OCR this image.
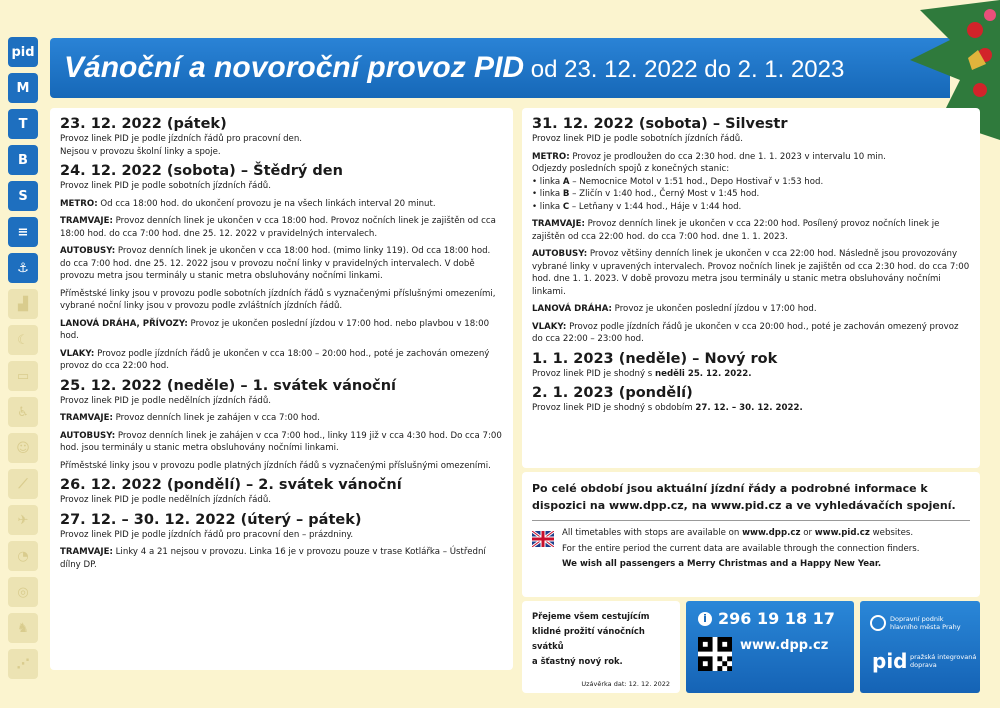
pid
M
T
B
S
≡
⚓
▟
☾
▭
♿
☺
⟋
✈
◔
◎
♞
⋰
Vánoční a novoroční provoz PID od 23. 12. 2022 do 2. 1. 2023
23. 12. 2022 (pátek)

Provoz linek PID je podle jízdních řádů pro pracovní den.
Nejsou v provozu školní linky a spoje.

24. 12. 2022 (sobota) – Štědrý den

Provoz linek PID je podle sobotních jízdních řádů.

METRO: Od cca 18:00 hod. do ukončení provozu je na všech linkách interval 20 minut.

TRAMVAJE: Provoz denních linek je ukončen v cca 18:00 hod. Provoz nočních linek je zajištěn od cca 18:00 hod. do cca 7:00 hod. dne 25. 12. 2022 v pravidelných intervalech.

AUTOBUSY: Provoz denních linek je ukončen v cca 18:00 hod. (mimo linky 119). Od cca 18:00 hod. do cca 7:00 hod. dne 25. 12. 2022 jsou v provozu noční linky v pravidelných intervalech. V době provozu metra jsou terminály u stanic metra obsluhovány nočními linkami.

Příměstské linky jsou v provozu podle sobotních jízdních řádů s vyznačenými příslušnými omezeními, vybrané noční linky jsou v provozu podle zvláštních jízdních řádů.

LANOVÁ DRÁHA, PŘÍVOZY: Provoz je ukončen poslední jízdou v 17:00 hod. nebo plavbou v 18:00 hod.

VLAKY: Provoz podle jízdních řádů je ukončen v cca 18:00 – 20:00 hod., poté je zachován omezený provoz do cca 22:00 hod.

25. 12. 2022 (neděle) – 1. svátek vánoční

Provoz linek PID je podle nedělních jízdních řádů.

TRAMVAJE: Provoz denních linek je zahájen v cca 7:00 hod.

AUTOBUSY: Provoz denních linek je zahájen v cca 7:00 hod., linky 119 již v cca 4:30 hod. Do cca 7:00 hod. jsou terminály u stanic metra obsluhovány nočními linkami.

Příměstské linky jsou v provozu podle platných jízdních řádů s vyznačenými příslušnými omezeními.

26. 12. 2022 (pondělí) – 2. svátek vánoční

Provoz linek PID je podle nedělních jízdních řádů.

27. 12. – 30. 12. 2022 (úterý – pátek)

Provoz linek PID je podle jízdních řádů pro pracovní den – prázdniny.

TRAMVAJE: Linky 4 a 21 nejsou v provozu. Linka 16 je v provozu pouze v trase Kotlářka – Ústřední dílny DP.

31. 12. 2022 (sobota) – Silvestr

Provoz linek PID je podle sobotních jízdních řádů.

METRO: Provoz je prodloužen do cca 2:30 hod. dne 1. 1. 2023 v intervalu 10 min.
Odjezdy posledních spojů z konečných stanic:
• linka A – Nemocnice Motol v 1:51 hod., Depo Hostivař v 1:53 hod.
• linka B – Zličín v 1:40 hod., Černý Most v 1:45 hod.
• linka C – Letňany v 1:44 hod., Háje v 1:44 hod.

TRAMVAJE: Provoz denních linek je ukončen v cca 22:00 hod. Posílený provoz nočních linek je zajištěn od cca 22:00 hod. do cca 7:00 hod. dne 1. 1. 2023.

AUTOBUSY: Provoz většiny denních linek je ukončen v cca 22:00 hod. Následně jsou provozovány vybrané linky v upravených intervalech. Provoz nočních linek je zajištěn od cca 2:30 hod. do cca 7:00 hod. dne 1. 1. 2023. V době provozu metra jsou terminály u stanic metra obsluhovány nočními linkami.

LANOVÁ DRÁHA: Provoz je ukončen poslední jízdou v 17:00 hod.

VLAKY: Provoz podle jízdních řádů je ukončen v cca 20:00 hod., poté je zachován omezený provoz do cca 22:00 – 23:00 hod.

1. 1. 2023 (neděle) – Nový rok

Provoz linek PID je shodný s neděli 25. 12. 2022.

2. 1. 2023 (pondělí)

Provoz linek PID je shodný s obdobím 27. 12. – 30. 12. 2022.

Po celé období jsou aktuální jízdní řády a podrobné informace k dispozici na www.dpp.cz, na www.pid.cz a ve vyhledávačích spojení.

All timetables with stops are available on www.dpp.cz or www.pid.cz websites.

For the entire period the current data are available through the connection finders.

We wish all passengers a Merry Christmas and a Happy New Year.

Přejeme všem cestujícím

klidné prožití vánočních svátků

a šťastný nový rok.

Uzávěrka dat: 12. 12. 2022

i 296 19 18 17
www.dpp.cz
Dopravní podnik
hlavního města Prahy
pid pražská integrovaná
doprava
